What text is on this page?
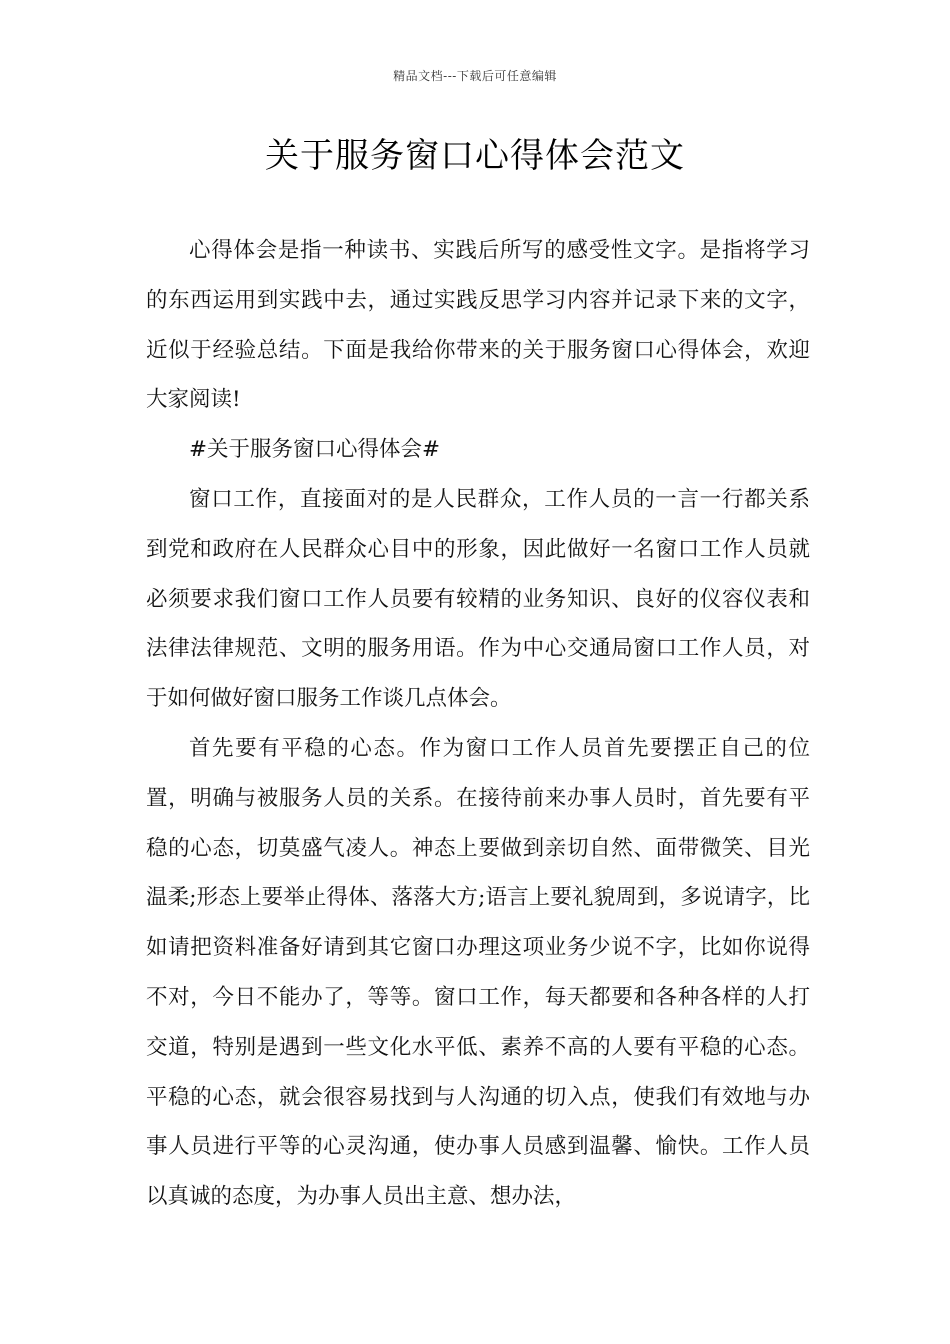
精品文档---下载后可任意编辑
关于服务窗口心得体会范文

心得体会是指一种读书、实践后所写的感受性文字。是指将学习的东西运用到实践中去，通过实践反思学习内容并记录下来的文字，近似于经验总结。下面是我给你带来的关于服务窗口心得体会，欢迎大家阅读!

#关于服务窗口心得体会#

窗口工作，直接面对的是人民群众，工作人员的一言一行都关系到党和政府在人民群众心目中的形象，因此做好一名窗口工作人员就必须要求我们窗口工作人员要有较精的业务知识、良好的仪容仪表和法律法律规范、文明的服务用语。作为中心交通局窗口工作人员，对于如何做好窗口服务工作谈几点体会。

首先要有平稳的心态。作为窗口工作人员首先要摆正自己的位置，明确与被服务人员的关系。在接待前来办事人员时，首先要有平稳的心态，切莫盛气凌人。神态上要做到亲切自然、面带微笑、目光温柔;形态上要举止得体、落落大方;语言上要礼貌周到，多说请字，比如请把资料准备好请到其它窗口办理这项业务少说不字，比如你说得不对，今日不能办了，等等。窗口工作，每天都要和各种各样的人打交道，特别是遇到一些文化水平低、素养不高的人要有平稳的心态。平稳的心态，就会很容易找到与人沟通的切入点，使我们有效地与办事人员进行平等的心灵沟通，使办事人员感到温馨、愉快。工作人员以真诚的态度，为办事人员出主意、想办法，
